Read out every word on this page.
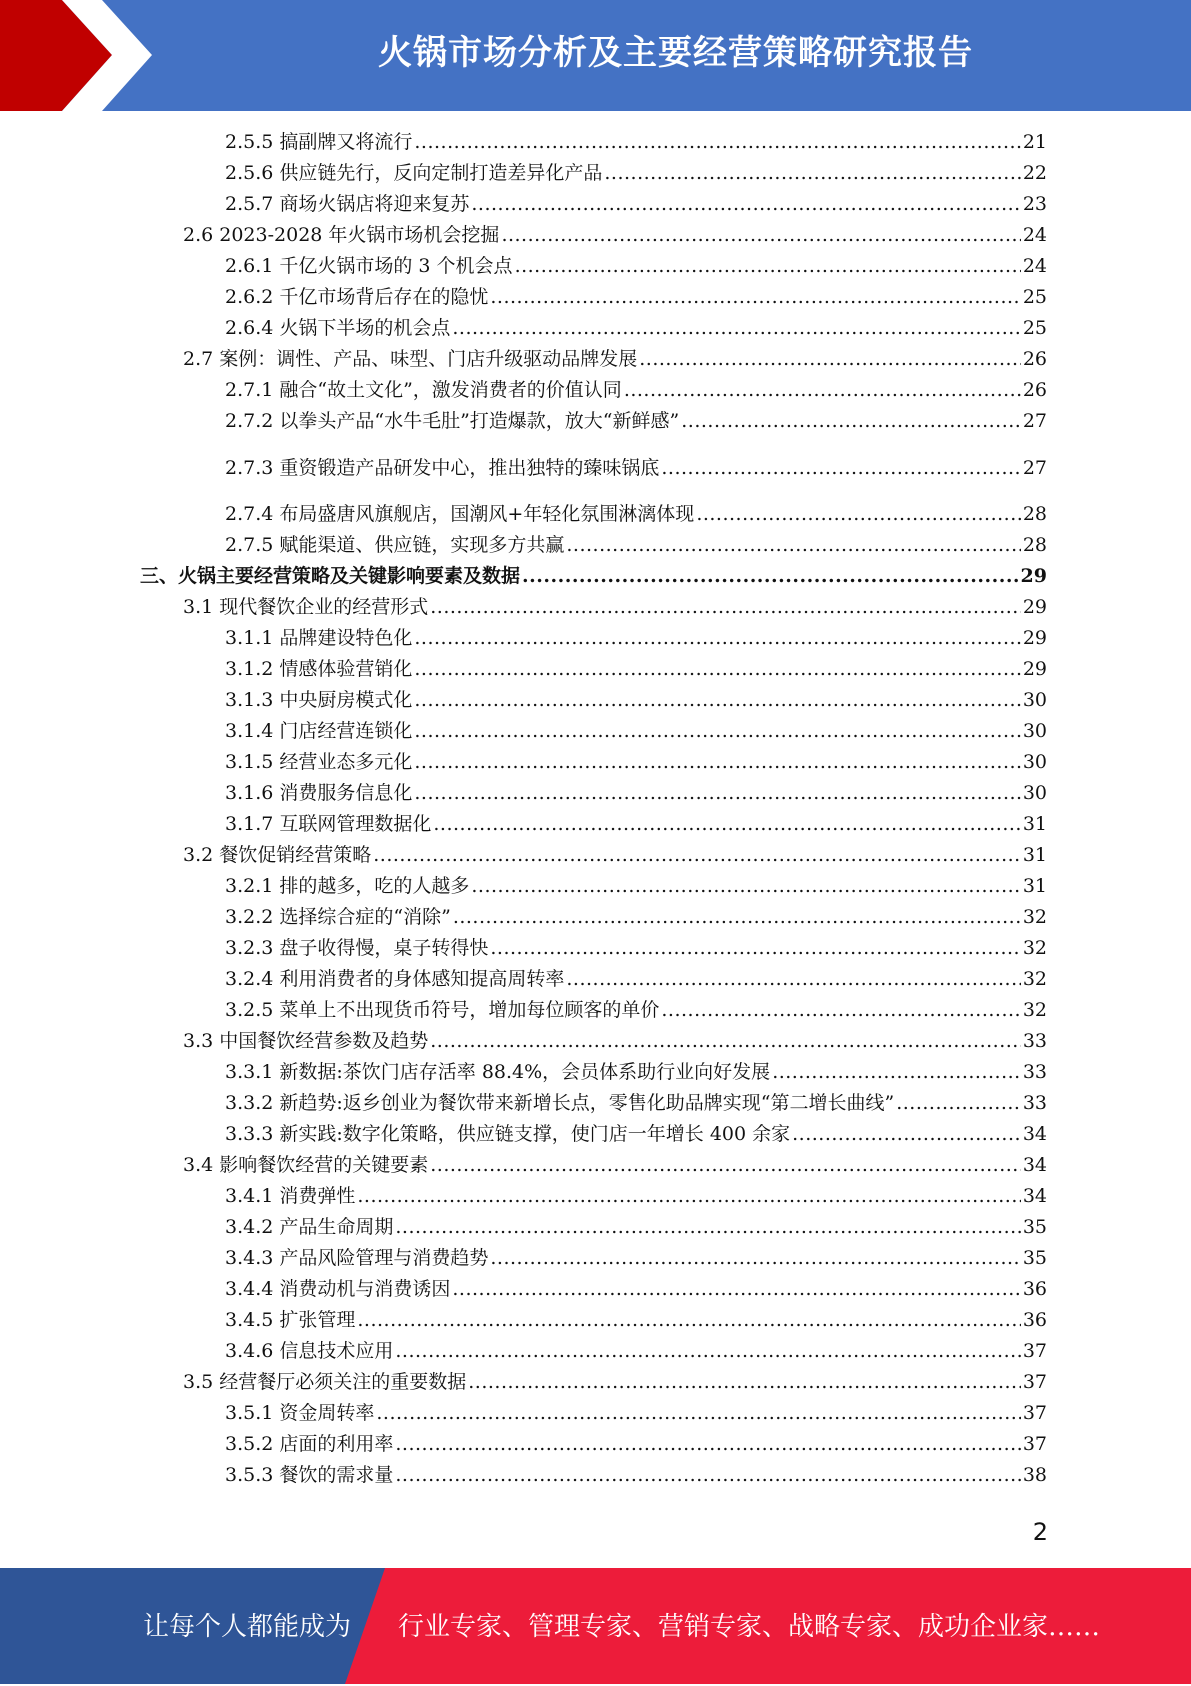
火锅市场分析及主要经营策略研究报告
2.5.5 搞副牌又将流行 .....	21
2.5.6 供应链先行，反向定制打造差异化产品 .....	22
2.5.7 商场火锅店将迎来复苏 .....	23
2.6 2023-2028 年火锅市场机会挖掘 .....	24
2.6.1 千亿火锅市场的 3 个机会点 .....	24
2.6.2 千亿市场背后存在的隐忧 .....	25
2.6.4 火锅下半场的机会点 .....	25
2.7 案例：调性、产品、味型、门店升级驱动品牌发展 .....	26
2.7.1 融合“故土文化”，激发消费者的价值认同 .....	26
2.7.2 以拳头产品“水牛毛肚”打造爆款，放大“新鲜感” .....	27
2.7.3 重资锻造产品研发中心，推出独特的臻味锅底 .....	27
2.7.4 布局盛唐风旗舰店，国潮风+年轻化氛围淋漓体现 .....	28
2.7.5 赋能渠道、供应链，实现多方共赢 .....	28
三、火锅主要经营策略及关键影响要素及数据 .....	29
3.1 现代餐饮企业的经营形式 .....	29
3.1.1 品牌建设特色化 .....	29
3.1.2 情感体验营销化 .....	29
3.1.3 中央厨房模式化 .....	30
3.1.4 门店经营连锁化 .....	30
3.1.5 经营业态多元化 .....	30
3.1.6 消费服务信息化 .....	30
3.1.7 互联网管理数据化 .....	31
3.2 餐饮促销经营策略 .....	31
3.2.1 排的越多，吃的人越多 .....	31
3.2.2 选择综合症的“消除” .....	32
3.2.3 盘子收得慢，桌子转得快 .....	32
3.2.4 利用消费者的身体感知提高周转率 .....	32
3.2.5 菜单上不出现货币符号，增加每位顾客的单价 .....	32
3.3 中国餐饮经营参数及趋势 .....	33
3.3.1 新数据:茶饮门店存活率 88.4%，会员体系助行业向好发展 .....	33
3.3.2 新趋势:返乡创业为餐饮带来新增长点，零售化助品牌实现“第二增长曲线” .....	33
3.3.3 新实践:数字化策略，供应链支撑，使门店一年增长 400 余家 .....	34
3.4 影响餐饮经营的关键要素 .....	34
3.4.1 消费弹性 .....	34
3.4.2 产品生命周期 .....	35
3.4.3 产品风险管理与消费趋势 .....	35
3.4.4 消费动机与消费诱因 .....	36
3.4.5 扩张管理 .....	36
3.4.6 信息技术应用 .....	37
3.5 经营餐厅必须关注的重要数据 .....	37
3.5.1 资金周转率 .....	37
3.5.2 店面的利用率 .....	37
3.5.3 餐饮的需求量 .....	38
2
让每个人都能成为 行业专家、管理专家、营销专家、战略专家、成功企业家……
